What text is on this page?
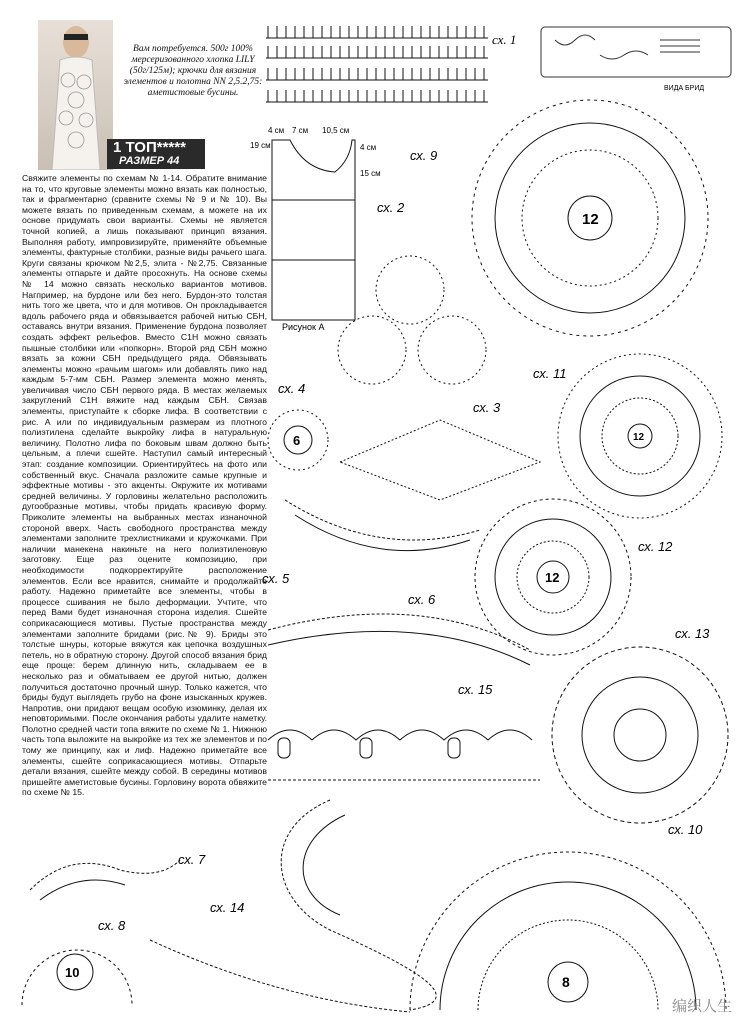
Вам потребуется. 500г 100% мерсеризованного хлопка LILY (50г/125м); крючки для вязания элементов и полотна NN 2,5.2,75: аметистовые бусины.
1 ТОП*****
РАЗМЕР 44

Свяжите элементы по схемам № 1-14. Обратите внимание на то, что круговые элементы можно вязать как полностью, так и фрагментарно (сравните схемы № 9 и № 10). Вы можете вязать по приведенным схемам, а можете на их основе придумать свои варианты. Схемы не является точной копией, а лишь показывают принцип вязания. Выполняя работу, импровизируйте, применяйте объемные элементы, фактурные столбики, разные виды рачьего шага. Круги связаны крючком №2,5, элита - №2,75. Связанные элементы отпарьте и дайте просохнуть. На основе схемы № 14 можно связать несколько вариантов мотивов. Нагпример, на бурдоне или без него. Бурдон-это толстая нить того же цвета, что и для мотивов. Он прокладывается вдоль рабочего ряда и обвязывается рабочей нитью СБН, оставаясь внутри вязания. Применение бурдона позволяет создать эффект рельефов. Вместо С1Н можно связать пышные столбики или «попкорн». Второй ряд СБН можно вязать за кожни СБН предыдущего ряда. Обвязывать элементы можно «рачьим шагом» или добавлять пико над каждым 5-7-мм СБН. Размер элемента можно менять, увеличивая число СБН первого ряда. В местах желаемых закруглений С1Н вяжите над каждым СБН. Связав элементы, приступайте к сборке лифа. В соответствии с рис. А или по индивидуальным размерам из плотного полиэтилена сделайте выкройку лифа в натуральную величину. Полотно лифа по боковым швам должно быть цельным, а плечи сшейте. Наступил самый интересный этап: создание композиции. Ориентируйтесь на фото или собственный вкус. Сначала разложите самые крупные и эффектные мотивы - это акценты. Окружите их мотивами средней величины. У горловины желательно расположить дугообразные мотивы, чтобы придать красивую форму. Приколите элементы на выбранных местах изнаночной стороной вверх. Часть свободного пространства между элементами заполните трехлистниками и кружочками. При наличии манекена накиньте на него полиэтиленовую заготовку. Еще раз оцените композицию, при необходимости подкорректируйте расположение элементов. Если все нравится, снимайте и продолжайте работу. Надежно приметайте все элементы, чтобы в процессе сшивания не было деформации. Учтите, что перед Вами будет изнаночная сторона изделия. Сшейте соприкасающиеся мотивы. Пустые пространства между элементами заполните бридами (рис.№ 9). Бриды это толстые шнуры, которые вяжутся как цепочка воздушных петель, но в обратную сторону. Другой способ вязания брид еще проще: берем длинную нить, складываем ее в несколько раз и обматываем ее другой нитью, должен получиться достаточно прочный шнур. Только кажется, что бриды будут выглядеть грубо на фоне изысканных кружев. Напротив, они придают вещам особую изюминку, делая их неповторимыми. После окончания работы удалите наметку. Полотно средней части топа вяжите по схеме № 1. Нижнюю часть топа выложите на выкройке из тех же элементов и по тому же принципу, как и лиф. Надежно приметайте все элементы, сшейте соприкасающиеся мотивы. Отпарьте детали вязания, сшейте между собой. В середины мотивов пришейте аметистовые бусины. Горловину ворота обвяжите по схеме № 15.

сх. 1
ВИДА БРИД
сх. 9
сх. 2
сх. 4
сх. 3
сх. 11
сх. 12
сх. 5
сх. 6
сх. 13
сх. 15
сх. 10
сх. 7
сх. 14
сх. 8
4 см 7 см 10,5 см
19 см	4 см
15 см
Рисунок А
12
12
12
6
10
8
编织人生
